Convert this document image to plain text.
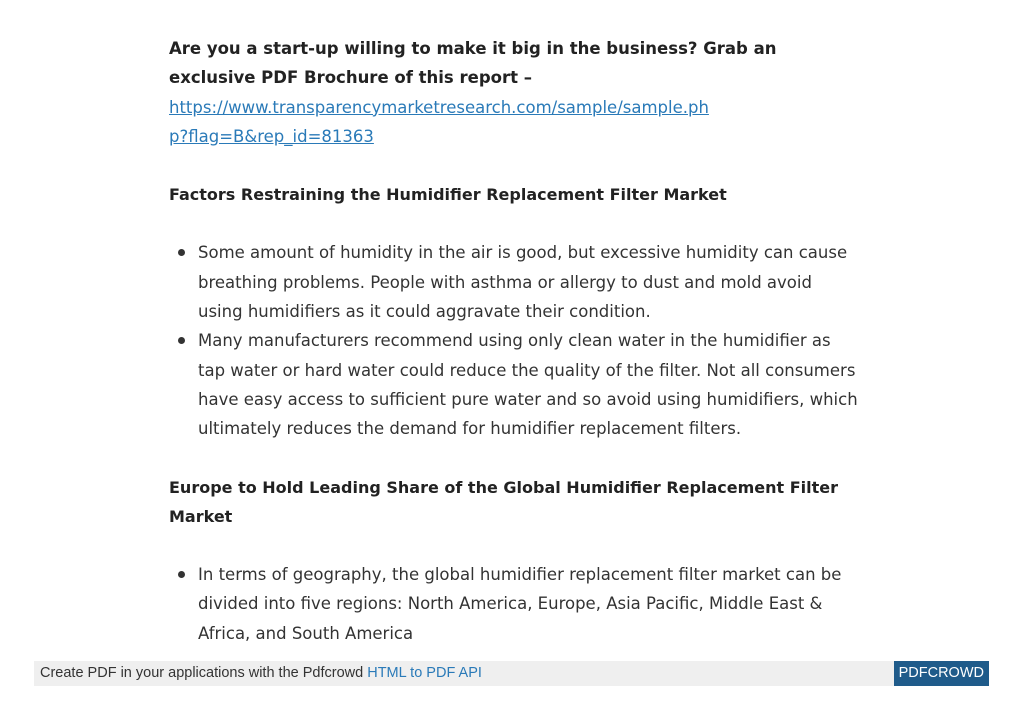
Are you a start-up willing to make it big in the business? Grab an exclusive PDF Brochure of this report –
https://www.transparencymarketresearch.com/sample/sample.php?flag=B&rep_id=81363
Factors Restraining the Humidifier Replacement Filter Market
Some amount of humidity in the air is good, but excessive humidity can cause breathing problems. People with asthma or allergy to dust and mold avoid using humidifiers as it could aggravate their condition.
Many manufacturers recommend using only clean water in the humidifier as tap water or hard water could reduce the quality of the filter. Not all consumers have easy access to sufficient pure water and so avoid using humidifiers, which ultimately reduces the demand for humidifier replacement filters.
Europe to Hold Leading Share of the Global Humidifier Replacement Filter Market
In terms of geography, the global humidifier replacement filter market can be divided into five regions: North America, Europe, Asia Pacific, Middle East & Africa, and South America
Create PDF in your applications with the Pdfcrowd HTML to PDF API	PDFCROWD
